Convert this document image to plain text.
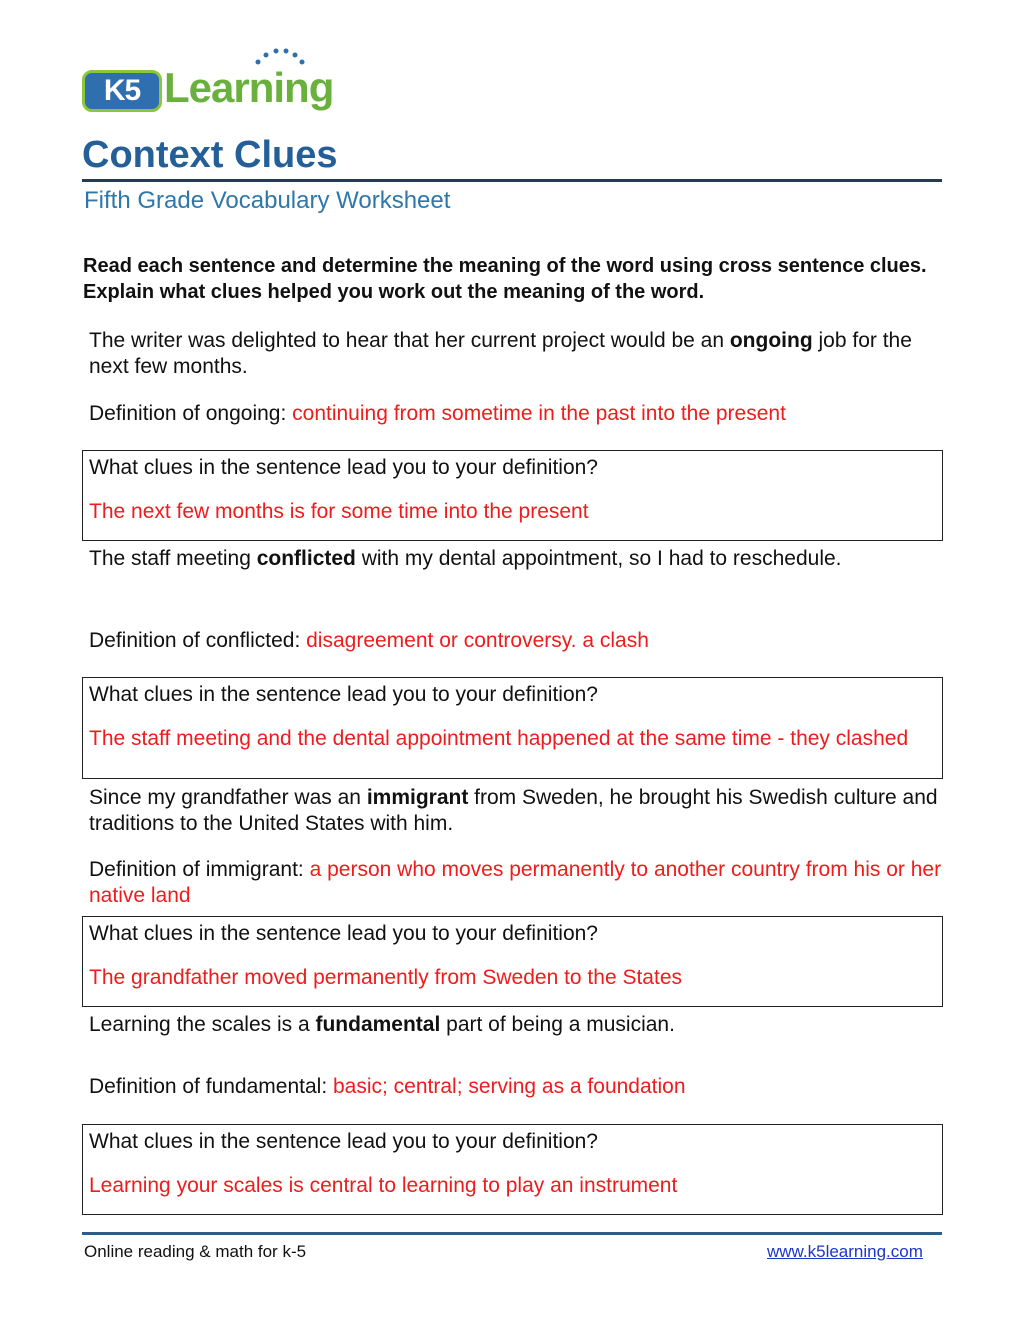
K5 Learning
Context Clues
Fifth Grade Vocabulary Worksheet
Read each sentence and determine the meaning of the word using cross sentence clues. Explain what clues helped you work out the meaning of the word.
The writer was delighted to hear that her current project would be an ongoing job for the next few months.
Definition of ongoing: continuing from sometime in the past into the present
What clues in the sentence lead you to your definition?
The next few months is for some time into the present
The staff meeting conflicted with my dental appointment, so I had to reschedule.
Definition of conflicted: disagreement or controversy. a clash
What clues in the sentence lead you to your definition?
The staff meeting and the dental appointment happened at the same time - they clashed
Since my grandfather was an immigrant from Sweden, he brought his Swedish culture and traditions to the United States with him.
Definition of immigrant: a person who moves permanently to another country from his or her native land
What clues in the sentence lead you to your definition?
The grandfather moved permanently from Sweden to the States
Learning the scales is a fundamental part of being a musician.
Definition of fundamental: basic; central; serving as a foundation
What clues in the sentence lead you to your definition?
Learning your scales is central to learning to play an instrument
Online reading & math for k-5	www.k5learning.com
